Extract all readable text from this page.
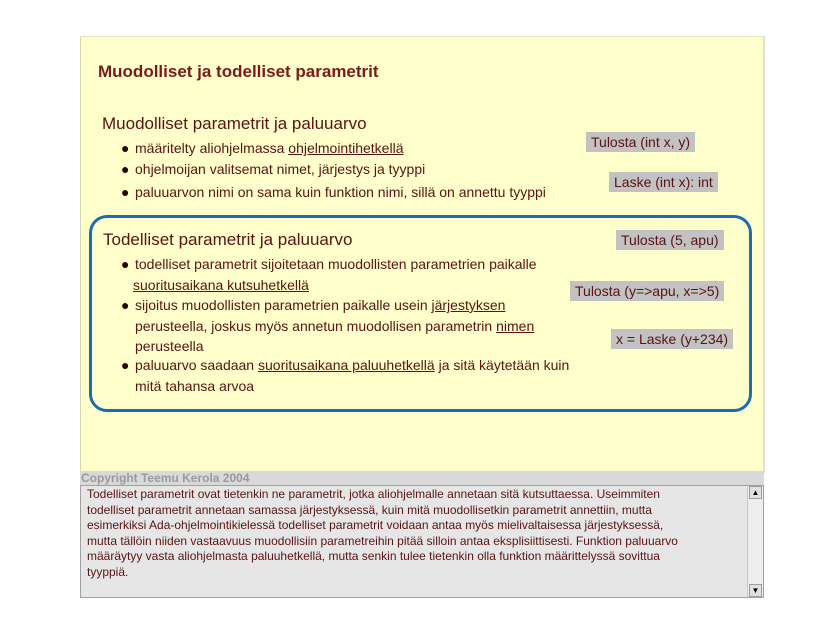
Muodolliset ja todelliset parametrit
Muodolliset parametrit ja paluuarvo
● määritelty aliohjelmassa ohjelmointihetkellä
● ohjelmoijan valitsemat nimet, järjestys ja tyyppi
● paluuarvon nimi on sama kuin funktion nimi, sillä on annettu tyyppi
Tulosta (int x, y)
Laske (int x): int
Todelliset parametrit ja paluuarvo
● todelliset parametrit sijoitetaan muodollisten parametrien paikalle
suoritusaikana kutsuhetkellä
● sijoitus muodollisten parametrien paikalle usein järjestyksen
perusteella, joskus myös annetun muodollisen parametrin nimen
perusteella
● paluuarvo saadaan suoritusaikana paluuhetkellä ja sitä käytetään kuin
mitä tahansa arvoa
Tulosta (5, apu)
Tulosta (y=>apu, x=>5)
x = Laske (y+234)
Copyright Teemu Kerola 2004
Todelliset parametrit ovat tietenkin ne parametrit, jotka aliohjelmalle annetaan sitä kutsuttaessa. Useimmiten
todelliset parametrit annetaan samassa järjestyksessä, kuin mitä muodollisetkin parametrit annettiin, mutta
esimerkiksi Ada-ohjelmointikielessä todelliset parametrit voidaan antaa myös mielivaltaisessa järjestyksessä,
mutta tällöin niiden vastaavuus muodollisiin parametreihin pitää silloin antaa eksplisiittisesti. Funktion paluuarvo
määräytyy vasta aliohjelmasta paluuhetkellä, mutta senkin tulee tietenkin olla funktion määrittelyssä sovittua
tyyppiä.
▲
▼
